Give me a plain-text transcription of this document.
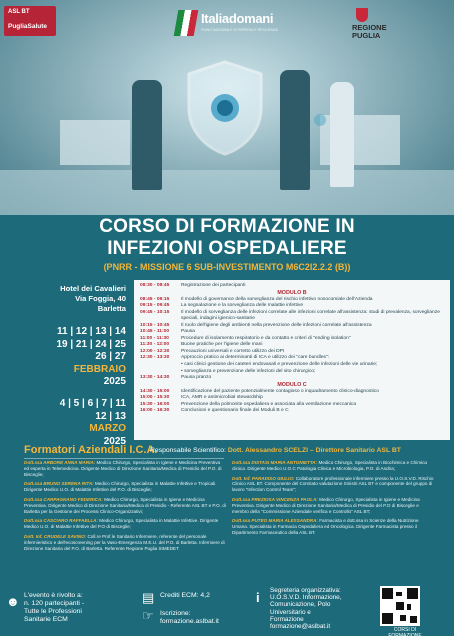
ASL BT
PugliaSalute
Italiadomani
PIANO NAZIONALE DI RIPRESA E RESILIENZA	REGIONE
PUGLIA
CORSO DI FORMAZIONE IN
INFEZIONI OSPEDALIERE
(PNRR - MISSIONE 6 SUB-INVESTIMENTO M6C2I2.2.2 (B))
Hotel dei Cavalieri
Via Foggia, 40
Barletta
11 | 12 | 13 | 14
19 | 21 | 24 | 25
26 | 27
FEBBRAIO
2025
4 | 5 | 6 | 7 | 11
12 | 13
MARZO
2025
08:30 - 08:45	Registrazione dei partecipanti
MODULO B
08:45 - 09:15	Il modello di governance della sorveglianza del rischio infettivo nosocomiale dell'Azienda
09:15 - 09:45	La segnalazione e la sorveglianza delle malattie infettive
09:45 - 10:15	Il modello di sorveglianza delle infezioni correlate alle infezioni correlate all'assistenza: studi di prevalenza, sorveglianze speciali, indagini igienico-sanitarie
10:15 - 10:45	Il ruolo dell'igiene degli ambienti nella prevenzione delle infezioni correlate all'assistenza
10:45 - 11:00	Pausa
11:00 - 11:30	Procedure di isolamento respiratorio e da contatto e criteri di "ending isolation"
11:30 - 12:00	Buone pratiche per l'igiene delle mani
12:00 - 12:30	Precauzioni universali e corretto utilizzo dei DPI
12:30 - 13:30	Approccio pratico ai determinanti di ICA e utilizzo dei "care bundles":
• casi clinici gestione dei cateteri endovasali e prevenzione delle infezioni delle vie urinarie;
• sorveglianza e prevenzione delle infezioni del sito chirurgico;
13:30 - 14:30	Pausa pranzo
MODULO C
14:30 - 15:00	Identificazione del paziente potenzialmente contagioso o inquadramento clinico-diagnostico
15:00 - 15:30	ICA, AMR e antimicrobial stewardship
15:30 - 16:00	Prevenzione della polmonite ospedaliera e associata alla ventilazione meccanica
16:00 - 16:30	Conclusioni e questionario finale dei Moduli B e C
Formatori Aziendali I.C.A.
Responsabile Scientifico: Dott. Alessandro SCELZI – Direttore Sanitario ASL BT
Dott.ssa ARBORE ANNA MARIA: Medico Chirurgo, Specialista in Igiene e Medicina Preventiva ed esperta in Telemedicina. Dirigente Medico di Direzione Sanitaria/Medica di Presidio del P.O. di Bisceglie;
Dott.ssa BRUNO SERENA RITA: Medico Chirurgo, Specialista in Malattie Infettive e Tropicali. Dirigente Medico U.O. di Malattie Infettive del P.O. di Bisceglie;
Dott.ssa CARPAGNANO FEDERICA: Medico Chirurgo, Specialista in Igiene e Medicina Preventiva. Dirigente Medico di Direzione Sanitaria/Medica di Presidio - Referente ASL BT e P.O. di Barletta per la Gestione dei Processi Clinico-Organizzativi;
Dott.ssa CASCIARO RAFFAELLA: Medico Chirurgo, Specialista in Malattie Infettive. Dirigente Medico U.O. di Malattie Infettive del P.O di Bisceglie;
Dott. Inf. CRUDELE SAVINO: Coll.re Prof.le Sanitario Infermiere, referente del personale infermieristico e dell'ecoscreening per la Vaso-Emergenza M.E.U. del P.O. di Barletta. Infermiere di Direzione Sanitaria del P.O. di Barletta. Referente Regione Puglia SIMEDET
Dott.ssa DISTASI MARIA ANTONIETTA: Medico Chirurgo, Specialista in Biochimica e Chimica clinica. Dirigente Medico U.O.C Patologia Clinica e Microbiologia, P.O. di Andria;
Dott. Inf. PARADISO GIULIO: Collaboratore professionale infermiere presso la U.O.S.V.D. Rischio Clinico ASL BT. Componente del Comitato valutazione Sinistri ASL BT e componente del gruppo di lavoro "Infection Control Team";
Dott.ssa PREZIOSA VINCENZA PAOLA: Medico Chirurgo, Specialista in Igiene e Medicina Preventiva. Dirigente Medico di Direzione Sanitaria/Medica di Presidio del P.O di Bisceglie e membro della "Commissione Aziendale verifica e Controllo" ASL BT;
Dott.ssa PUTEO MARIA ALESSANDRA: Farmacista e dott.ssa in Scienze della Nutrizione Umana. Specialista in Farmacia Ospedaliera ed Oncologica. Dirigente Farmacista presso il Dipartimento Farmaceutico della ASL BT.
☻ L'evento è rivolto a:
n. 120 partecipanti -
Tutte le Professioni
Sanitarie ECM
▤ Crediti ECM: 4,2
☞ Iscrizione:
formazione.aslbat.it
i Segreteria organizzativa:
U.O.S.V.D. Informazione,
Comunicazione, Polo
Universitario e
Formazione
formazione@aslbat.it	CORSI DI FORMAZIONE
